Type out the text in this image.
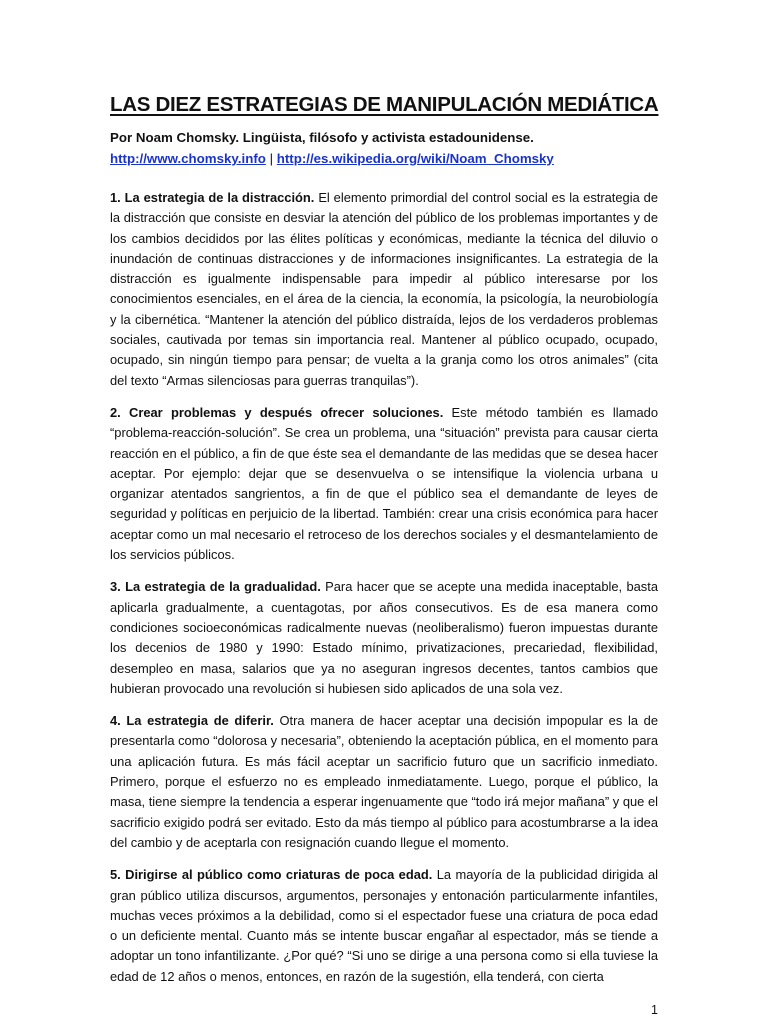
LAS DIEZ ESTRATEGIAS DE MANIPULACIÓN MEDIÁTICA

Por Noam Chomsky. Lingüista, filósofo y activista estadounidense.

http://www.chomsky.info | http://es.wikipedia.org/wiki/Noam_Chomsky

1. La estrategia de la distracción. El elemento primordial del control social es la estrategia de la distracción que consiste en desviar la atención del público de los problemas importantes y de los cambios decididos por las élites políticas y económicas, mediante la técnica del diluvio o inundación de continuas distracciones y de informaciones insignificantes. La estrategia de la distracción es igualmente indispensable para impedir al público interesarse por los conocimientos esenciales, en el área de la ciencia, la economía, la psicología, la neurobiología y la cibernética. “Mantener la atención del público distraída, lejos de los verdaderos problemas sociales, cautivada por temas sin importancia real. Mantener al público ocupado, ocupado, ocupado, sin ningún tiempo para pensar; de vuelta a la granja como los otros animales” (cita del texto “Armas silenciosas para guerras tranquilas”).

2. Crear problemas y después ofrecer soluciones. Este método también es llamado “problema-reacción-solución”. Se crea un problema, una “situación” prevista para causar cierta reacción en el público, a fin de que éste sea el demandante de las medidas que se desea hacer aceptar. Por ejemplo: dejar que se desenvuelva o se intensifique la violencia urbana u organizar atentados sangrientos, a fin de que el público sea el demandante de leyes de seguridad y políticas en perjuicio de la libertad. También: crear una crisis económica para hacer aceptar como un mal necesario el retroceso de los derechos sociales y el desmantelamiento de los servicios públicos.

3. La estrategia de la gradualidad. Para hacer que se acepte una medida inaceptable, basta aplicarla gradualmente, a cuentagotas, por años consecutivos. Es de esa manera como condiciones socioeconómicas radicalmente nuevas (neoliberalismo) fueron impuestas durante los decenios de 1980 y 1990: Estado mínimo, privatizaciones, precariedad, flexibilidad, desempleo en masa, salarios que ya no aseguran ingresos decentes, tantos cambios que hubieran provocado una revolución si hubiesen sido aplicados de una sola vez.

4. La estrategia de diferir. Otra manera de hacer aceptar una decisión impopular es la de presentarla como “dolorosa y necesaria”, obteniendo la aceptación pública, en el momento para una aplicación futura. Es más fácil aceptar un sacrificio futuro que un sacrificio inmediato. Primero, porque el esfuerzo no es empleado inmediatamente. Luego, porque el público, la masa, tiene siempre la tendencia a esperar ingenuamente que “todo irá mejor mañana” y que el sacrificio exigido podrá ser evitado. Esto da más tiempo al público para acostumbrarse a la idea del cambio y de aceptarla con resignación cuando llegue el momento.

5. Dirigirse al público como criaturas de poca edad. La mayoría de la publicidad dirigida al gran público utiliza discursos, argumentos, personajes y entonación particularmente infantiles, muchas veces próximos a la debilidad, como si el espectador fuese una criatura de poca edad o un deficiente mental. Cuanto más se intente buscar engañar al espectador, más se tiende a adoptar un tono infantilizante. ¿Por qué? “Si uno se dirige a una persona como si ella tuviese la edad de 12 años o menos, entonces, en razón de la sugestión, ella tenderá, con cierta

1
